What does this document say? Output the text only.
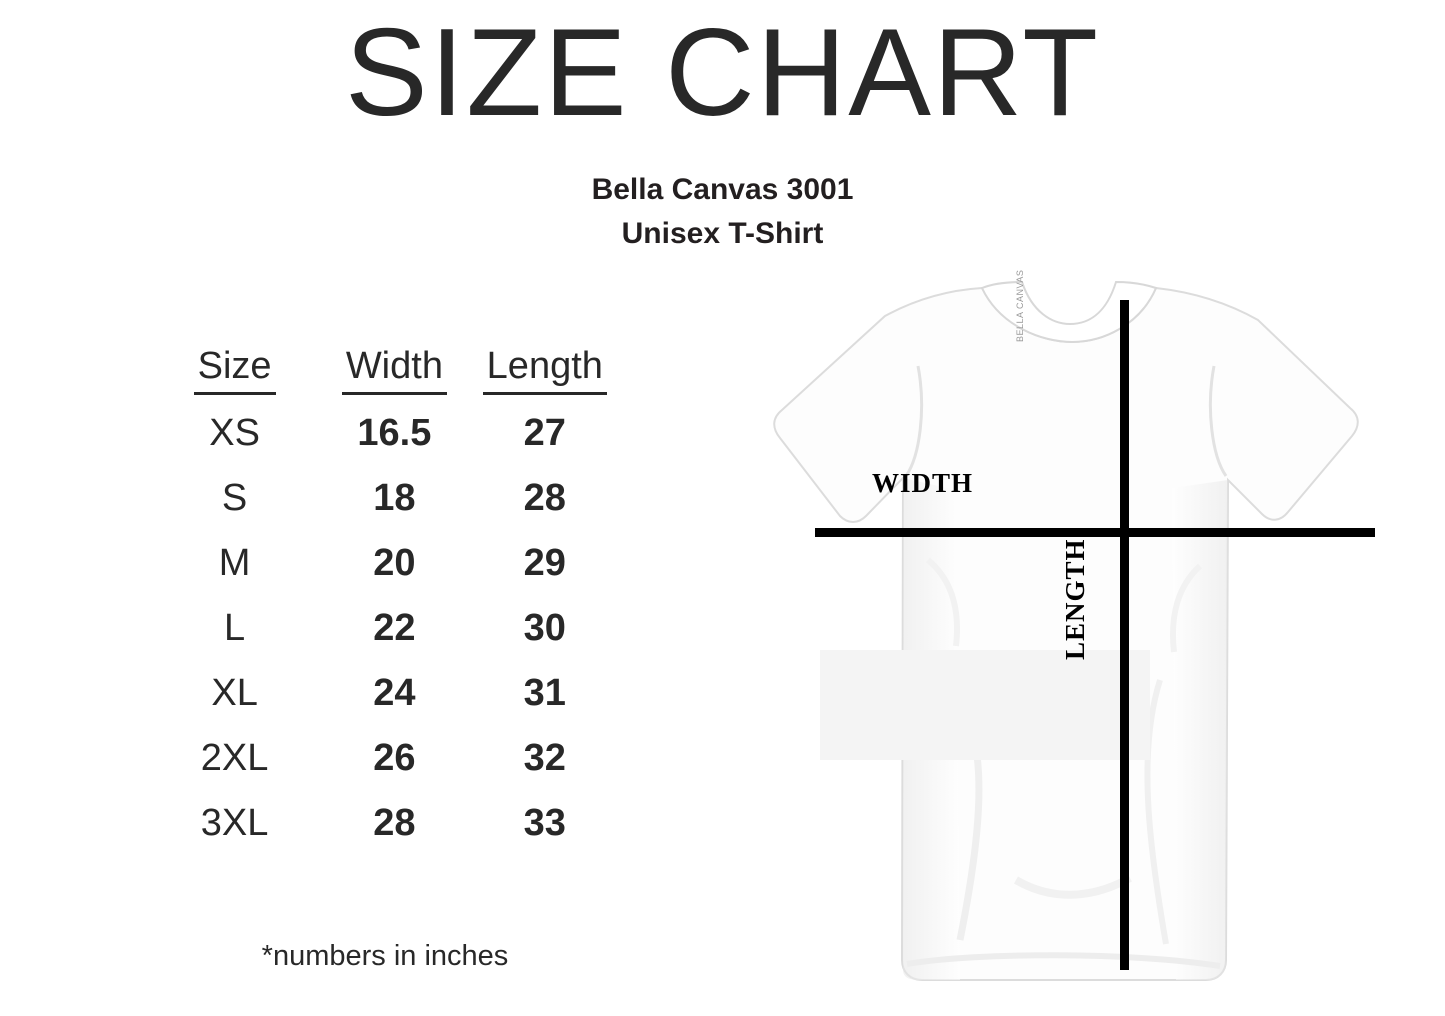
SIZE CHART
Bella Canvas 3001
Unisex T-Shirt
Size	Width	Length
XS	16.5	27
S	18	28
M	20	29
L	22	30
XL	24	31
2XL	26	32
3XL	28	33
*numbers in inches
BELLA CANVAS
WIDTH
LENGTH
